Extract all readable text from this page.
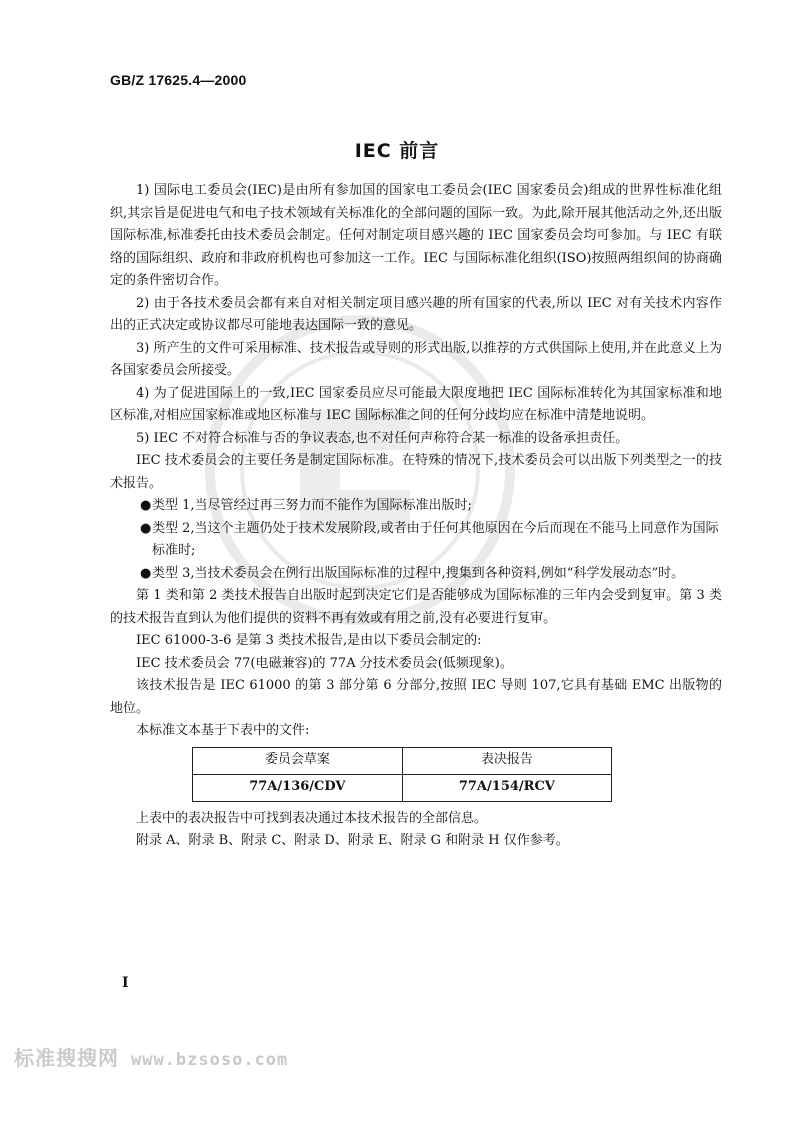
GB/Z 17625.4—2000
IEC 前言

1) 国际电工委员会(IEC)是由所有参加国的国家电工委员会(IEC 国家委员会)组成的世界性标准化组织,其宗旨是促进电气和电子技术领域有关标准化的全部问题的国际一致。为此,除开展其他活动之外,还出版国际标准,标准委托由技术委员会制定。任何对制定项目感兴趣的 IEC 国家委员会均可参加。与 IEC 有联络的国际组织、政府和非政府机构也可参加这一工作。IEC 与国际标准化组织(ISO)按照两组织间的协商确定的条件密切合作。

2) 由于各技术委员会都有来自对相关制定项目感兴趣的所有国家的代表,所以 IEC 对有关技术内容作出的正式决定或协议都尽可能地表达国际一致的意见。

3) 所产生的文件可采用标准、技术报告或导则的形式出版,以推荐的方式供国际上使用,并在此意义上为各国家委员会所接受。

4) 为了促进国际上的一致,IEC 国家委员应尽可能最大限度地把 IEC 国际标准转化为其国家标准和地区标准,对相应国家标准或地区标准与 IEC 国际标准之间的任何分歧均应在标准中清楚地说明。

5) IEC 不对符合标准与否的争议表态,也不对任何声称符合某一标准的设备承担责任。

IEC 技术委员会的主要任务是制定国际标准。在特殊的情况下,技术委员会可以出版下列类型之一的技术报告。

● 类型 1,当尽管经过再三努力而不能作为国际标准出版时;
● 类型 2,当这个主题仍处于技术发展阶段,或者由于任何其他原因在今后而现在不能马上同意作为国际标准时;
● 类型 3,当技术委员会在例行出版国际标准的过程中,搜集到各种资料,例如“科学发展动态”时。

第 1 类和第 2 类技术报告自出版时起到决定它们是否能够成为国际标准的三年内会受到复审。第 3 类的技术报告直到认为他们提供的资料不再有效或有用之前,没有必要进行复审。

IEC 61000-3-6 是第 3 类技术报告,是由以下委员会制定的:

IEC 技术委员会 77(电磁兼容)的 77A 分技术委员会(低频现象)。

该技术报告是 IEC 61000 的第 3 部分第 6 分部分,按照 IEC 导则 107,它具有基础 EMC 出版物的地位。

本标准文本基于下表中的文件:

委员会草案	表决报告
77A/136/CDV	77A/154/RCV

上表中的表决报告中可找到表决通过本技术报告的全部信息。

附录 A、附录 B、附录 C、附录 D、附录 E、附录 G 和附录 H 仅作参考。

I
标准搜搜网 www.bzsoso.com
